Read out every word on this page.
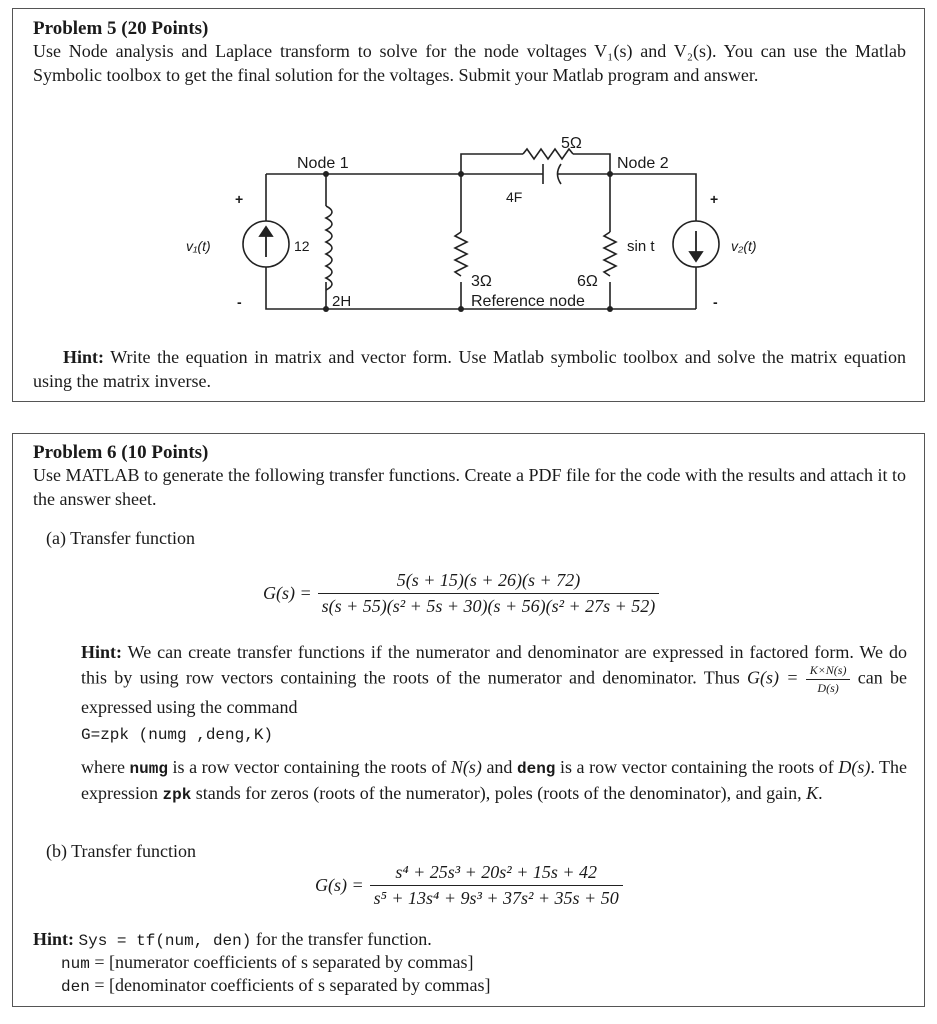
Problem 5 (20 Points)
Use Node analysis and Laplace transform to solve for the node voltages V₁(s) and V₂(s). You can use the Matlab Symbolic toolbox to get the final solution for the voltages. Submit your Matlab program and answer.
Node 1	Node 2
5Ω
4F
3Ω	6Ω
Reference node
12
2H
sin t
v₁(t)	v₂(t)
+
-
+
-
Hint: Write the equation in matrix and vector form. Use Matlab symbolic toolbox and solve the matrix equation using the matrix inverse.
Problem 6 (10 Points)
Use MATLAB to generate the following transfer functions. Create a PDF file for the code with the results and attach it to the answer sheet.
(a) Transfer function
$G(s) = \frac{5(s + 15)(s + 26)(s + 72)}{\text{s(s + 55)(s² + 5s + 30)(s + 56)(s² + 27s + 52)}}$
Hint: We can create transfer functions if the numerator and denominator are expressed in factored form. We do this by using row vectors containing the roots of the numerator and denominator. Thus $G(s) = \frac{K\times N(s)}{D(s)}$ can be expressed using the command
G=zpk (numg ,deng,K)
where numg is a row vector containing the roots of N(s) and deng is a row vector containing the roots of D(s). The expression zpk stands for zeros (roots of the numerator), poles (roots of the denominator), and gain, K.
(b) Transfer function
$G(s) = \frac{\text{s⁴ + 25s³ + 20s² + 15s + 42}}{\text{s⁵ + 13s⁴ + 9s³ + 37s² + 35s + 50}}$
Hint: Sys = tf(num, den) for the transfer function.
num = [numerator coefficients of s separated by commas]
den = [denominator coefficients of s separated by commas]
